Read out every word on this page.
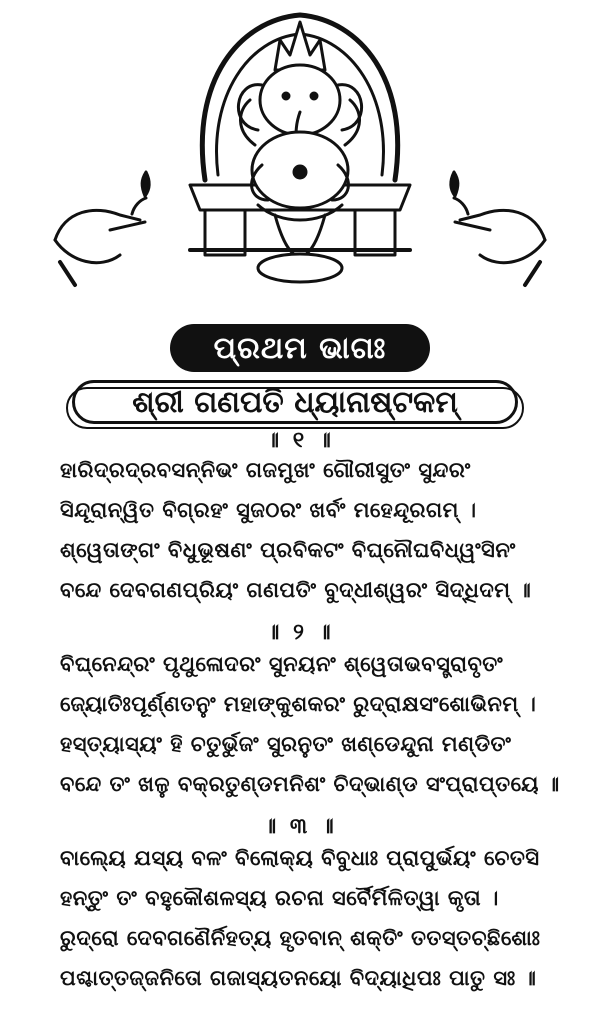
ପ୍ରଥମ ଭାଗଃ
ଶ୍ରୀ ଗଣପତି ଧ୍ୟାନାଷ୍ଟକମ୍
॥ ୧ ॥
ହାରିଦ୍ରଦ୍ରବସନ୍ନିଭଂ ଗଜମୁଖଂ ଗୌରୀସୁତଂ ସୁନ୍ଦରଂ
ସିନ୍ଦୂରାନ୍ୱିତ ବିଗ୍ରହଂ ସୁଜଠରଂ ଖର୍ବଂ ମହେନ୍ଦୂରଗମ୍ ।
ଶ୍ୱେତାଙ୍ଗଂ ବିଧୁଭୂଷଣଂ ପ୍ରବିକଟଂ ବିଘ୍ନୌଘବିଧ୍ୱଂସିନଂ
ବନ୍ଦେ ଦେବଗଣପ୍ରିୟଂ ଗଣପତିଂ ବୁଦ୍ଧୀଶ୍ୱରଂ ସିଦ୍ଧିଦମ୍ ॥
॥ ୨ ॥
ବିଘ୍ନେନ୍ଦ୍ରଂ ପୃଥୁଳୋଦରଂ ସୁନୟନଂ ଶ୍ୱେତାଭବସ୍ତ୍ରାବୃତଂ
ଜ୍ୟୋତିଃପୂର୍ଣ୍ଣତନୁଂ ମହାଙ୍କୁଶକରଂ ରୁଦ୍ରାକ୍ଷସଂଶୋଭିନମ୍ ।
ହସ୍ତ୍ୟାସ୍ୟଂ ହି ଚତୁର୍ଭୁଜଂ ସୁରନୁତଂ ଖଣ୍ଡେନ୍ଦୁନା ମଣ୍ଡିତଂ
ବନ୍ଦେ ତଂ ଖଳୁ ବକ୍ରତୁଣ୍ଡମନିଶଂ ଚିଦ୍ଭାଣ୍ଡ ସଂପ୍ରାପ୍ତୟେ ॥
॥ ୩ ॥
ବାଲ୍ୟେ ଯସ୍ୟ ବଳଂ ବିଲୋକ୍ୟ ବିବୁଧାଃ ପ୍ରାପୁର୍ଭୟଂ ଚେତସି
ହନ୍ତୁଂ ତଂ ବହୁକୌଶଳସ୍ୟ ରଚନା ସର୍ବୈର୍ମିଳିତ୍ୱା କୃତା ।
ରୁଦ୍ରୋ ଦେବଗଣୈର୍ନିହତ୍ୟ ହୃତବାନ୍ ଶକ୍ତିଂ ତତସ୍ତଚ୍ଛିଶୋଃ
ପଶ୍ଚାତ୍ତଜ୍ଜନିତୋ ଗଜାସ୍ୟତନୟୋ ବିଦ୍ୟାଧିପଃ ପାତୁ ସଃ ॥
